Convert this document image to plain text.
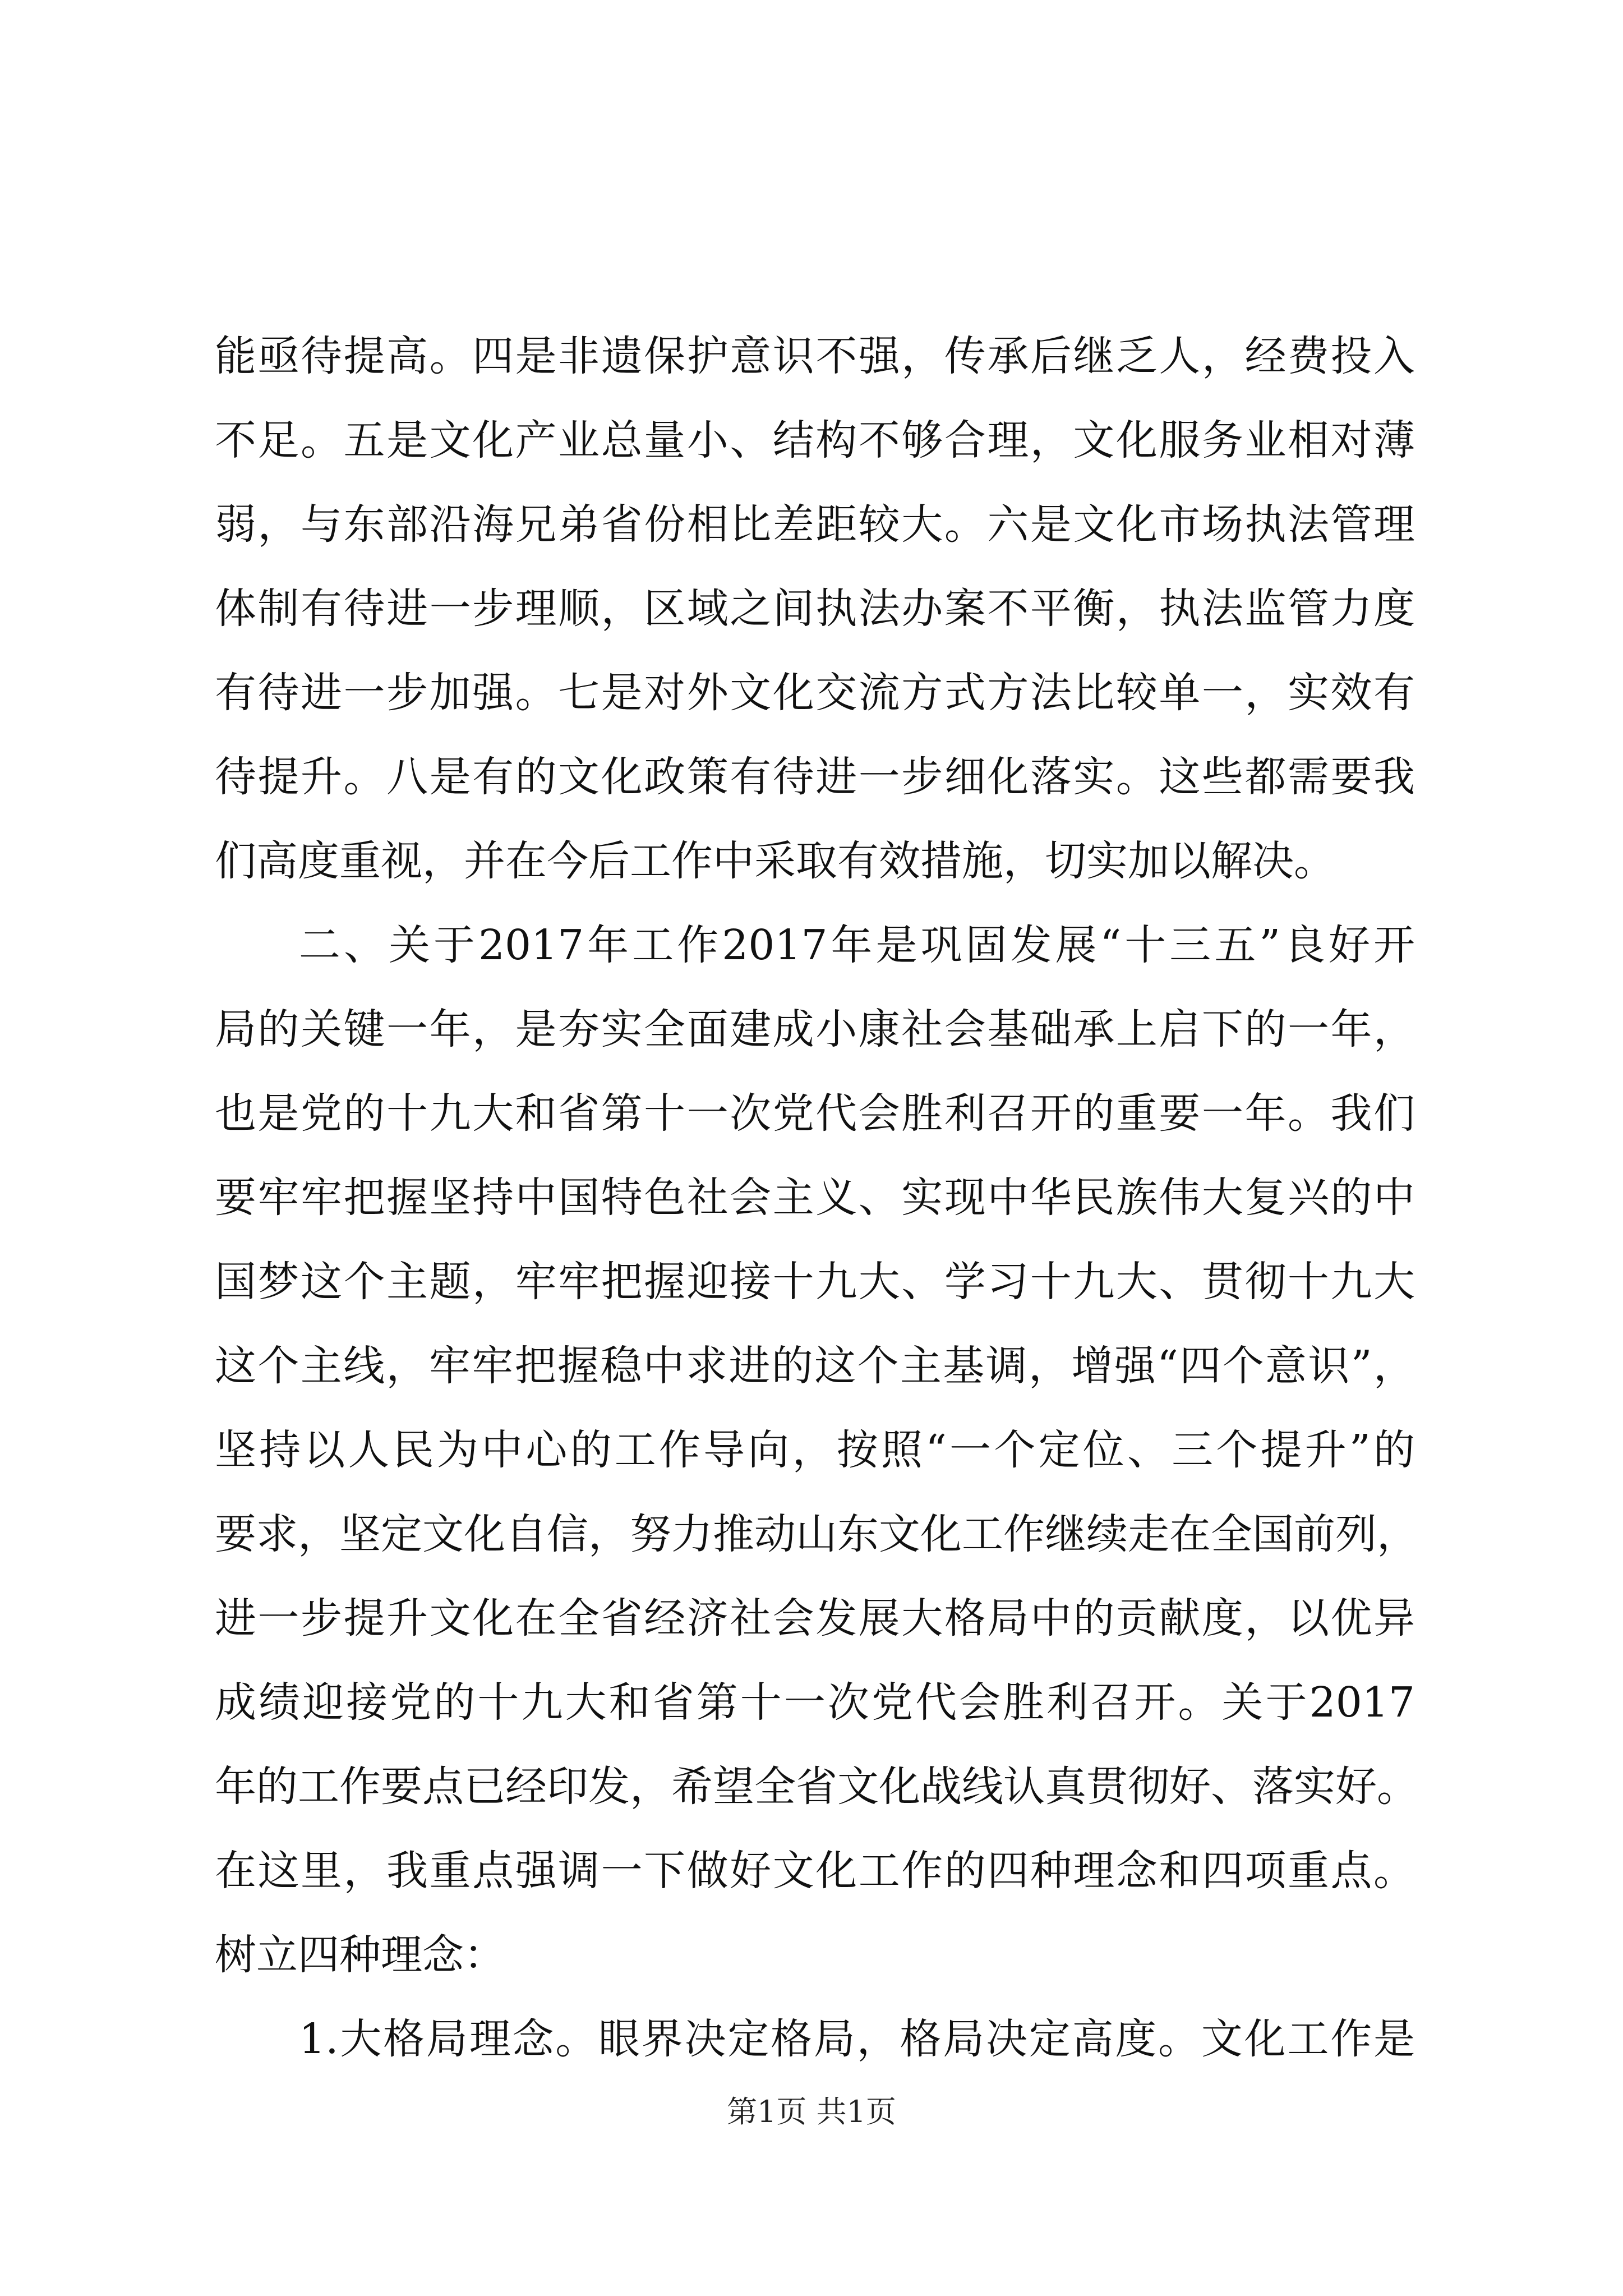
能亟待提高。四是非遗保护意识不强，传承后继乏人，经费投入
不足。五是文化产业总量小、结构不够合理，文化服务业相对薄
弱，与东部沿海兄弟省份相比差距较大。六是文化市场执法管理
体制有待进一步理顺，区域之间执法办案不平衡，执法监管力度
有待进一步加强。七是对外文化交流方式方法比较单一，实效有
待提升。八是有的文化政策有待进一步细化落实。这些都需要我
们高度重视，并在今后工作中采取有效措施，切实加以解决。
二、关于2017年工作2017年是巩固发展“十三五”良好开
局的关键一年，是夯实全面建成小康社会基础承上启下的一年，
也是党的十九大和省第十一次党代会胜利召开的重要一年。我们
要牢牢把握坚持中国特色社会主义、实现中华民族伟大复兴的中
国梦这个主题，牢牢把握迎接十九大、学习十九大、贯彻十九大
这个主线，牢牢把握稳中求进的这个主基调，增强“四个意识”，
坚持以人民为中心的工作导向，按照“一个定位、三个提升”的
要求，坚定文化自信，努力推动山东文化工作继续走在全国前列，
进一步提升文化在全省经济社会发展大格局中的贡献度，以优异
成绩迎接党的十九大和省第十一次党代会胜利召开。关于2017
年的工作要点已经印发，希望全省文化战线认真贯彻好、落实好。
在这里，我重点强调一下做好文化工作的四种理念和四项重点。
树立四种理念：
1.大格局理念。眼界决定格局，格局决定高度。文化工作是
第1页 共1页
